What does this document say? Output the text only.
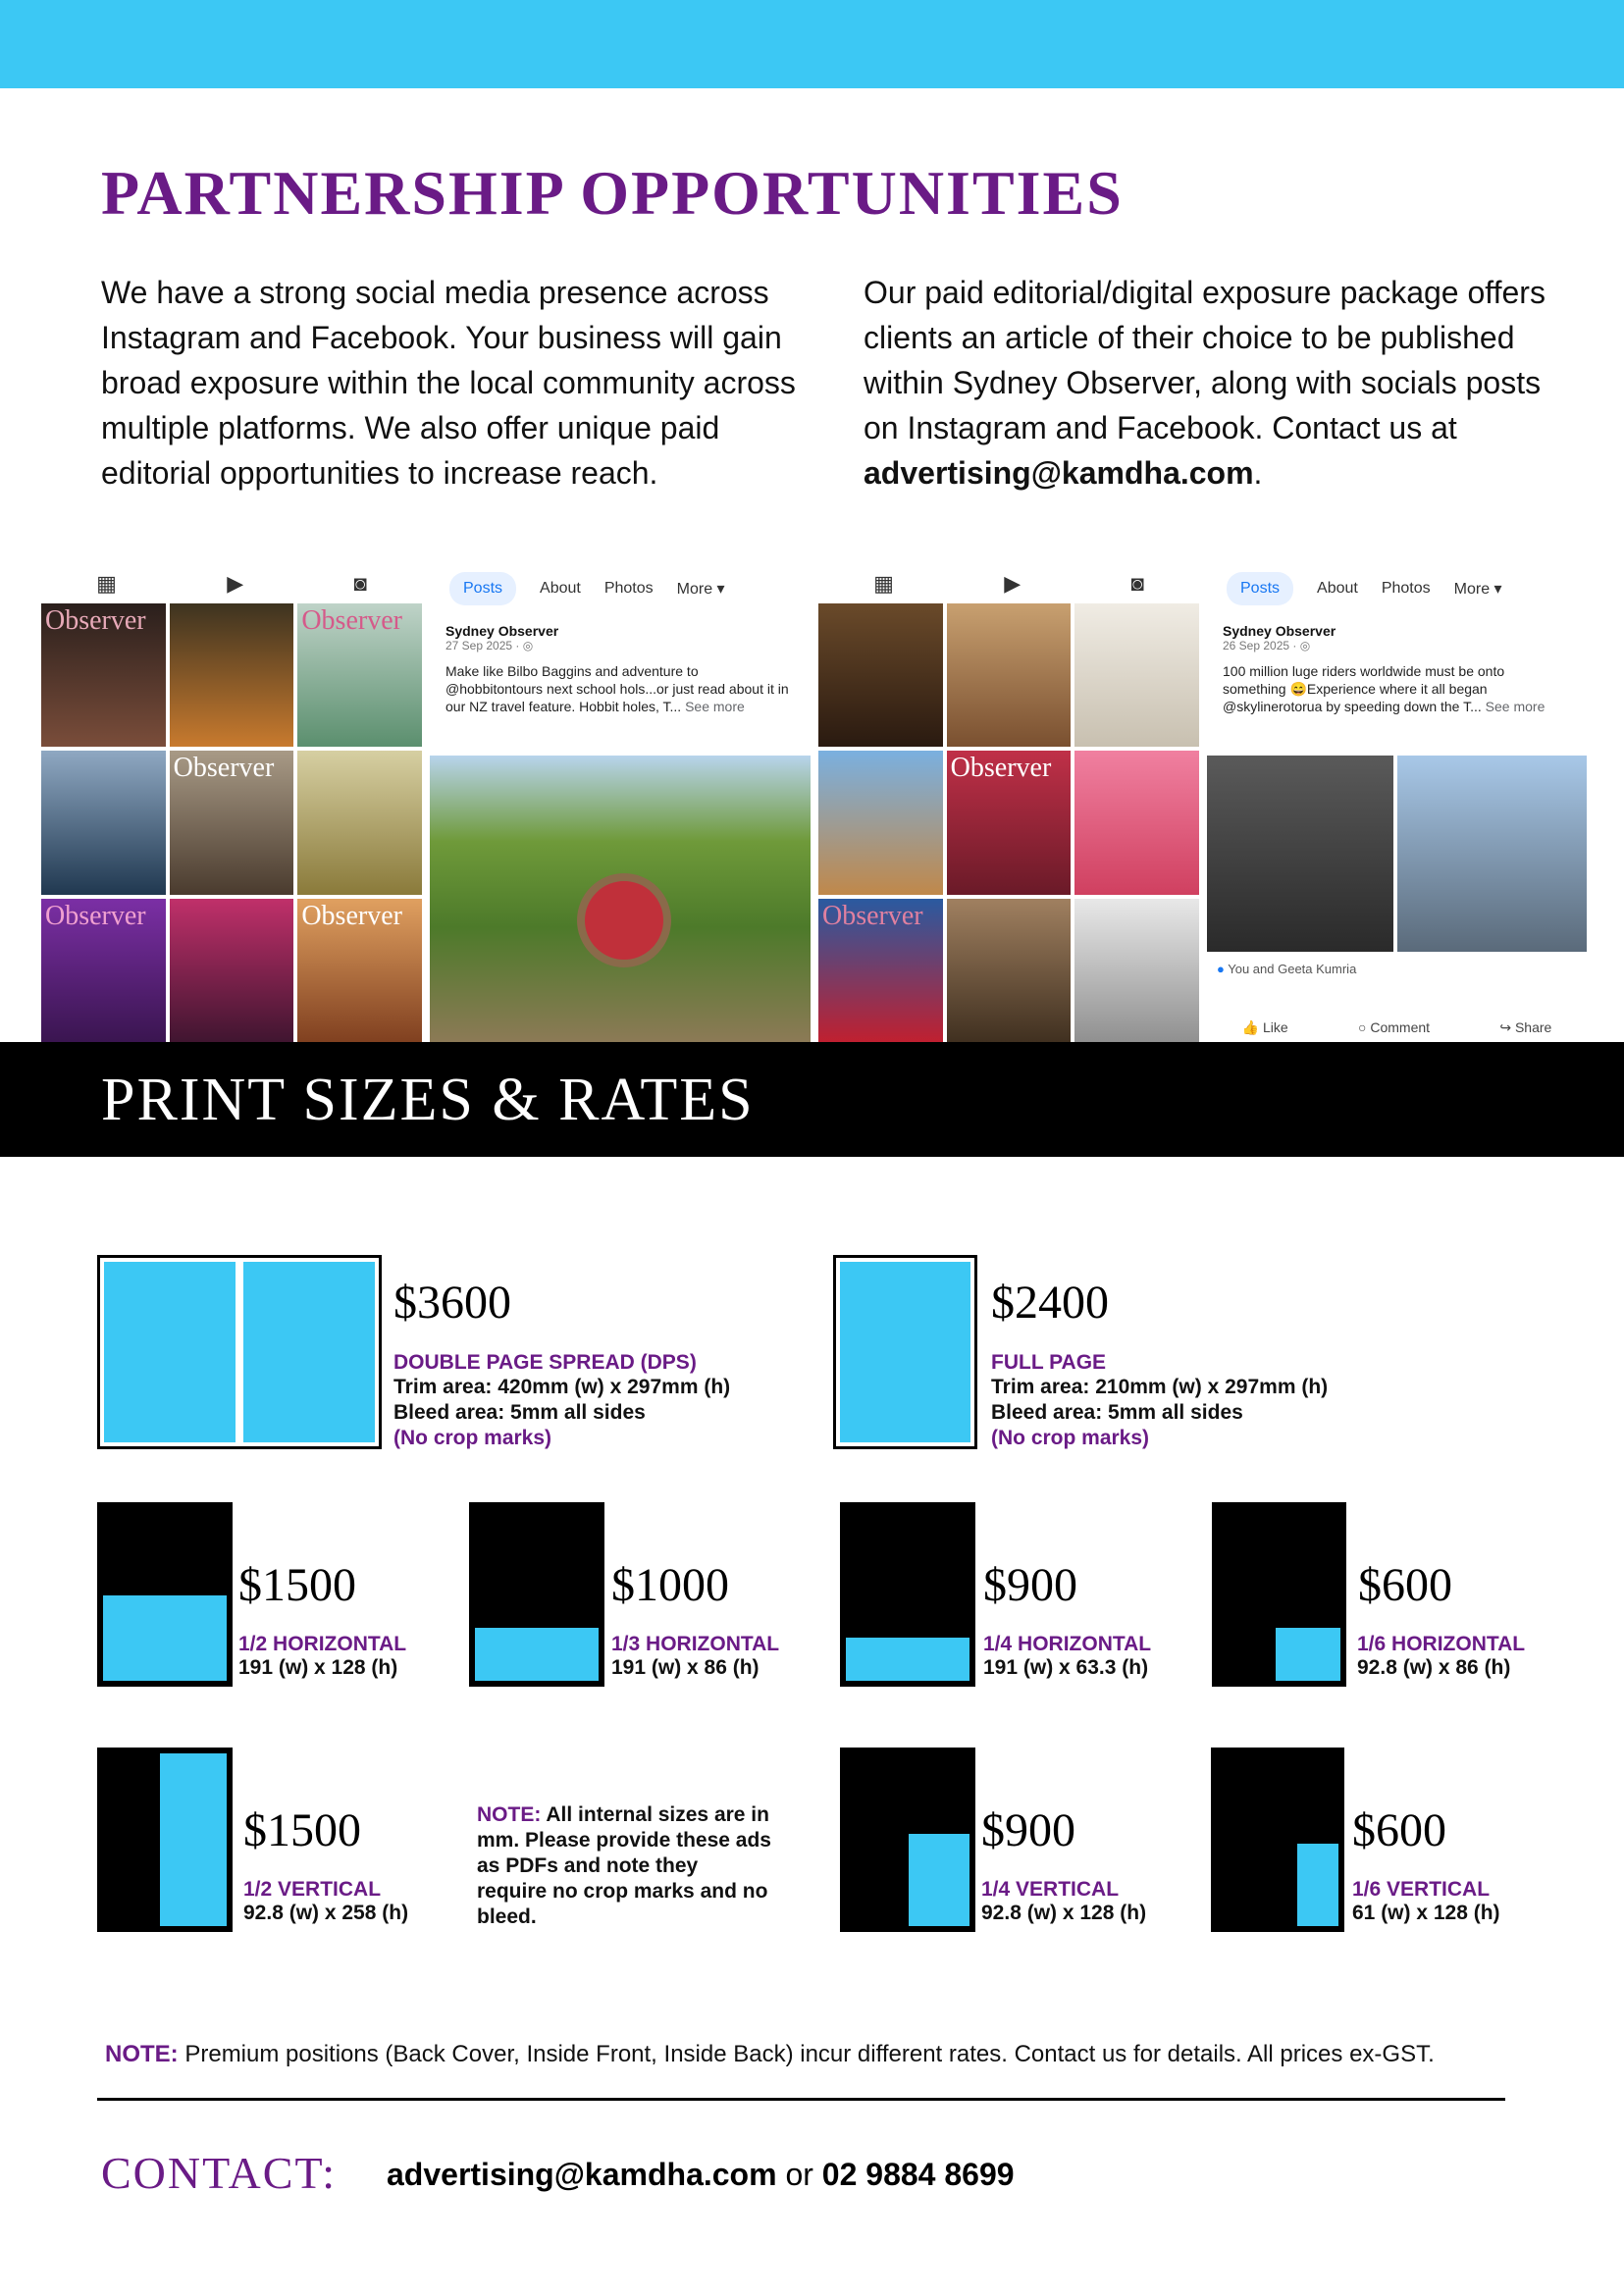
PARTNERSHIP OPPORTUNITIES

We have a strong social media presence across Instagram and Facebook. Your business will gain broad exposure within the local community across multiple platforms. We also offer unique paid editorial opportunities to increase reach.

Our paid editorial/digital exposure package offers clients an article of their choice to be published within Sydney Observer, along with socials posts on Instagram and Facebook. Contact us at advertising@kamdha.com.

▦	▶	◙
Observer	Observer
Observer
Observer	Observer
Posts	About Photos More ▾
Sydney Observer
27 Sep 2025 · ◎
Make like Bilbo Baggins and adventure to @hobbitontours next school hols...or just read about it in our NZ travel feature. Hobbit holes, T... See more
▦	▶	◙
Observer
Observer
Posts	About Photos More ▾
Sydney Observer
26 Sep 2025 · ◎
100 million luge riders worldwide must be onto something 😄Experience where it all began @skylinerotorua by speeding down the T... See more
● You and Geeta Kumria
👍 Like	○ Comment	↪ Share
PRINT SIZES & RATES
$3600
DOUBLE PAGE SPREAD (DPS)
Trim area: 420mm (w) x 297mm (h)
Bleed area: 5mm all sides
(No crop marks)
$2400
FULL PAGE
Trim area: 210mm (w) x 297mm (h)
Bleed area: 5mm all sides
(No crop marks)
$1500
1/2 HORIZONTAL
191 (w) x 128 (h)
$1000
1/3 HORIZONTAL
191 (w) x 86 (h)
$900
1/4 HORIZONTAL
191 (w) x 63.3 (h)
$600
1/6 HORIZONTAL
92.8 (w) x 86 (h)
$1500
1/2 VERTICAL
92.8 (w) x 258 (h)
NOTE: All internal sizes are in mm. Please provide these ads as PDFs and note they require no crop marks and no bleed.
$900
1/4 VERTICAL
92.8 (w) x 128 (h)
$600
1/6 VERTICAL
61 (w) x 128 (h)
NOTE: Premium positions (Back Cover, Inside Front, Inside Back) incur different rates. Contact us for details. All prices ex-GST.
CONTACT: advertising@kamdha.com or 02 9884 8699
